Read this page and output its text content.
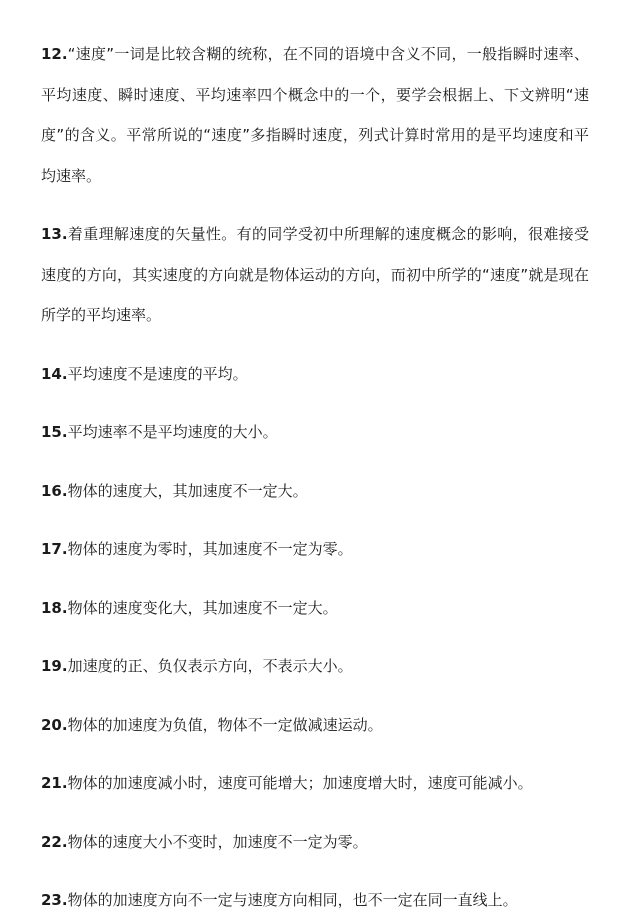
12.“速度”一词是比较含糊的统称，在不同的语境中含义不同，一般指瞬时速率、平均速度、瞬时速度、平均速率四个概念中的一个，要学会根据上、下文辨明“速度”的含义。平常所说的“速度”多指瞬时速度，列式计算时常用的是平均速度和平均速率。

13.着重理解速度的矢量性。有的同学受初中所理解的速度概念的影响，很难接受速度的方向，其实速度的方向就是物体运动的方向，而初中所学的“速度”就是现在所学的平均速率。

14.平均速度不是速度的平均。

15.平均速率不是平均速度的大小。

16.物体的速度大，其加速度不一定大。

17.物体的速度为零时，其加速度不一定为零。

18.物体的速度变化大，其加速度不一定大。

19.加速度的正、负仅表示方向，不表示大小。

20.物体的加速度为负值，物体不一定做减速运动。

21.物体的加速度减小时，速度可能增大；加速度增大时，速度可能减小。

22.物体的速度大小不变时，加速度不一定为零。

23.物体的加速度方向不一定与速度方向相同，也不一定在同一直线上。
